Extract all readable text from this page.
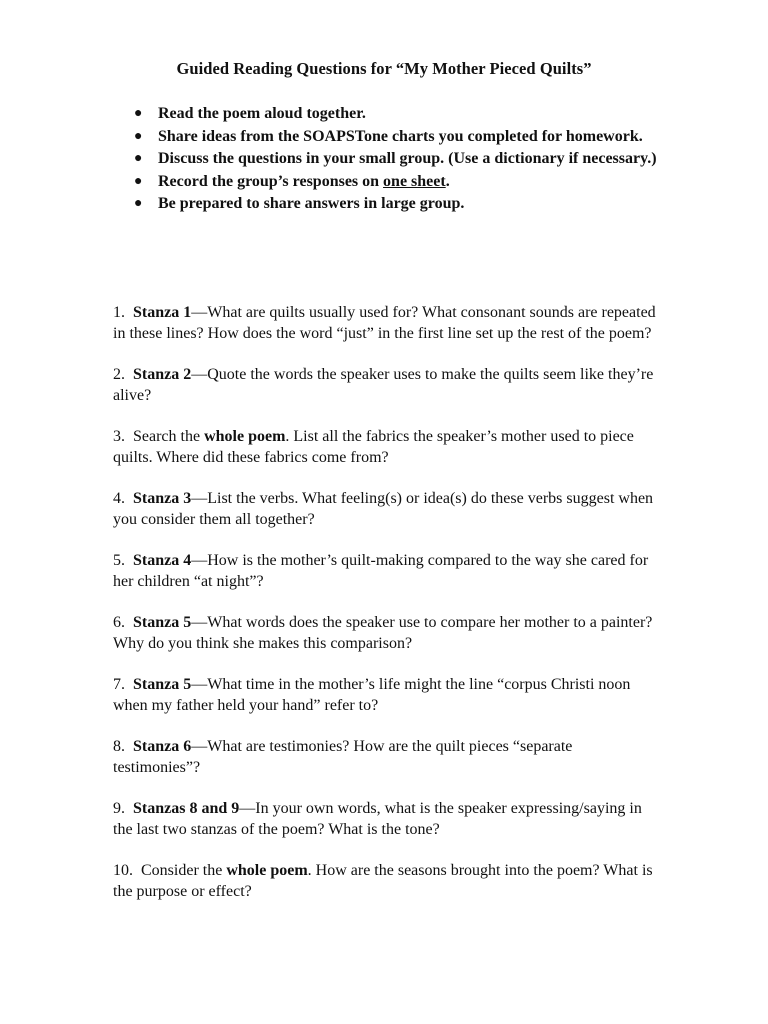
Guided Reading Questions for “My Mother Pieced Quilts”
● Read the poem aloud together.
● Share ideas from the SOAPSTone charts you completed for homework.
● Discuss the questions in your small group. (Use a dictionary if necessary.)
● Record the group’s responses on one sheet.
● Be prepared to share answers in large group.

1. Stanza 1—What are quilts usually used for? What consonant sounds are repeated in these lines? How does the word “just” in the first line set up the rest of the poem?

2. Stanza 2—Quote the words the speaker uses to make the quilts seem like they’re alive?

3. Search the whole poem. List all the fabrics the speaker’s mother used to piece quilts. Where did these fabrics come from?

4. Stanza 3—List the verbs. What feeling(s) or idea(s) do these verbs suggest when you consider them all together?

5. Stanza 4—How is the mother’s quilt-making compared to the way she cared for her children “at night”?

6. Stanza 5—What words does the speaker use to compare her mother to a painter? Why do you think she makes this comparison?

7. Stanza 5—What time in the mother’s life might the line “corpus Christi noon when my father held your hand” refer to?

8. Stanza 6—What are testimonies? How are the quilt pieces “separate testimonies”?

9. Stanzas 8 and 9—In your own words, what is the speaker expressing/saying in the last two stanzas of the poem? What is the tone?

10. Consider the whole poem. How are the seasons brought into the poem? What is the purpose or effect?
